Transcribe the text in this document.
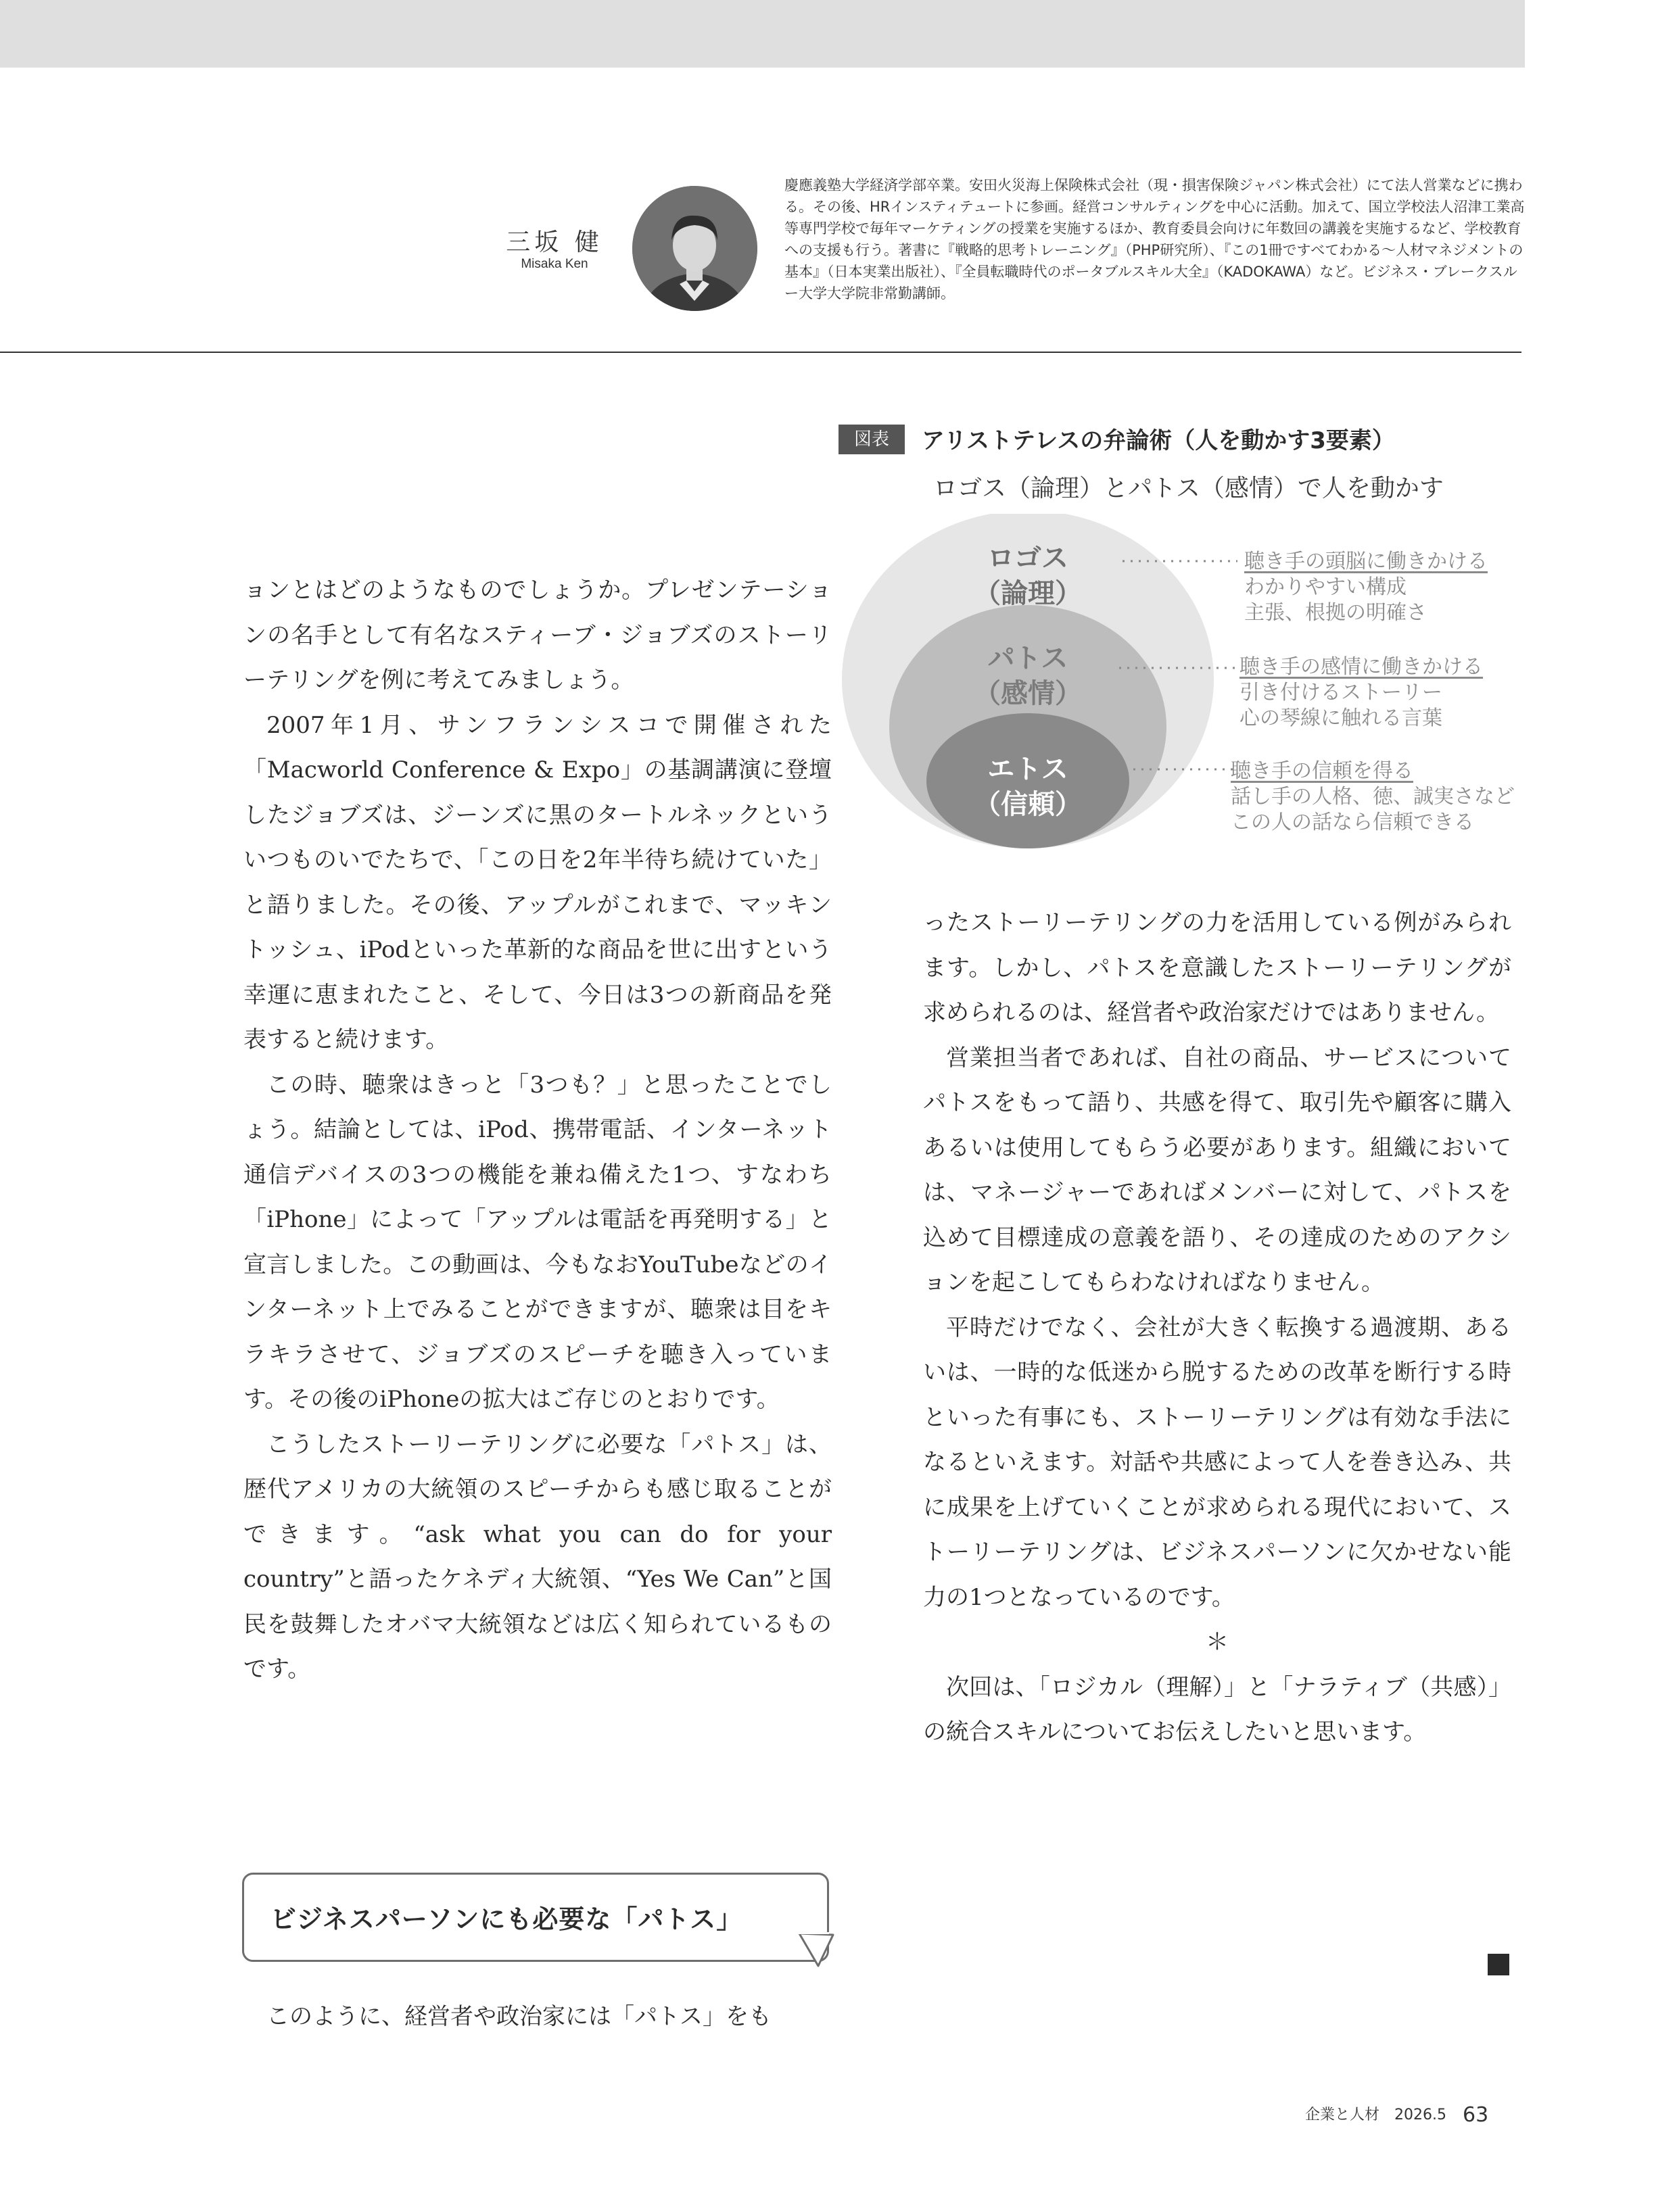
三坂 健
Misaka Ken
慶應義塾大学経済学部卒業。安田火災海上保険株式会社（現・損害保険ジャパン株式会社）にて法人営業などに携わる。その後、HRインスティテュートに参画。経営コンサルティングを中心に活動。加えて、国立学校法人沼津工業高等専門学校で毎年マーケティングの授業を実施するほか、教育委員会向けに年数回の講義を実施するなど、学校教育への支援も行う。著書に『戦略的思考トレーニング』（PHP研究所）、『この1冊ですべてわかる～人材マネジメントの基本』（日本実業出版社）、『全員転職時代のポータブルスキル大全』（KADOKAWA）など。ビジネス・ブレークスルー大学大学院非常勤講師。
図表	アリストテレスの弁論術（人を動かす3要素）
ロゴス（論理）とパトス（感情）で人を動かす
ロゴス
（論理）
パトス
（感情）
エトス
（信頼）
聴き手の頭脳に働きかける
わかりやすい構成
主張、根拠の明確さ
聴き手の感情に働きかける
引き付けるストーリー
心の琴線に触れる言葉
聴き手の信頼を得る
話し手の人格、徳、誠実さなど
この人の話なら信頼できる

ョンとはどのようなものでしょうか。プレゼンテーションの名手として有名なスティーブ・ジョブズのストーリーテリングを例に考えてみましょう。

2007年1月、サンフランシスコで開催された「Macworld Conference & Expo」の基調講演に登壇したジョブズは、ジーンズに黒のタートルネックといういつものいでたちで、「この日を2年半待ち続けていた」と語りました。その後、アップルがこれまで、マッキントッシュ、iPodといった革新的な商品を世に出すという幸運に恵まれたこと、そして、今日は3つの新商品を発表すると続けます。

この時、聴衆はきっと「3つも？」と思ったことでしょう。結論としては、iPod、携帯電話、インターネット通信デバイスの3つの機能を兼ね備えた1つ、すなわち「iPhone」によって「アップルは電話を再発明する」と宣言しました。この動画は、今もなおYouTubeなどのインターネット上でみることができますが、聴衆は目をキラキラさせて、ジョブズのスピーチを聴き入っています。その後のiPhoneの拡大はご存じのとおりです。

こうしたストーリーテリングに必要な「パトス」は、歴代アメリカの大統領のスピーチからも感じ取ることができます。“ask what you can do for your country”と語ったケネディ大統領、“Yes We Can”と国民を鼓舞したオバマ大統領などは広く知られているものです。

ビジネスパーソンにも必要な「パトス」

このように、経営者や政治家には「パトス」をも

ったストーリーテリングの力を活用している例がみられます。しかし、パトスを意識したストーリーテリングが求められるのは、経営者や政治家だけではありません。

営業担当者であれば、自社の商品、サービスについてパトスをもって語り、共感を得て、取引先や顧客に購入あるいは使用してもらう必要があります。組織においては、マネージャーであればメンバーに対して、パトスを込めて目標達成の意義を語り、その達成のためのアクションを起こしてもらわなければなりません。

平時だけでなく、会社が大きく転換する過渡期、あるいは、一時的な低迷から脱するための改革を断行する時といった有事にも、ストーリーテリングは有効な手法になるといえます。対話や共感によって人を巻き込み、共に成果を上げていくことが求められる現代において、ストーリーテリングは、ビジネスパーソンに欠かせない能力の1つとなっているのです。

＊

次回は、「ロジカル（理解）」と「ナラティブ（共感）」の統合スキルについてお伝えしたいと思います。

企業と人材　2026.5 63
